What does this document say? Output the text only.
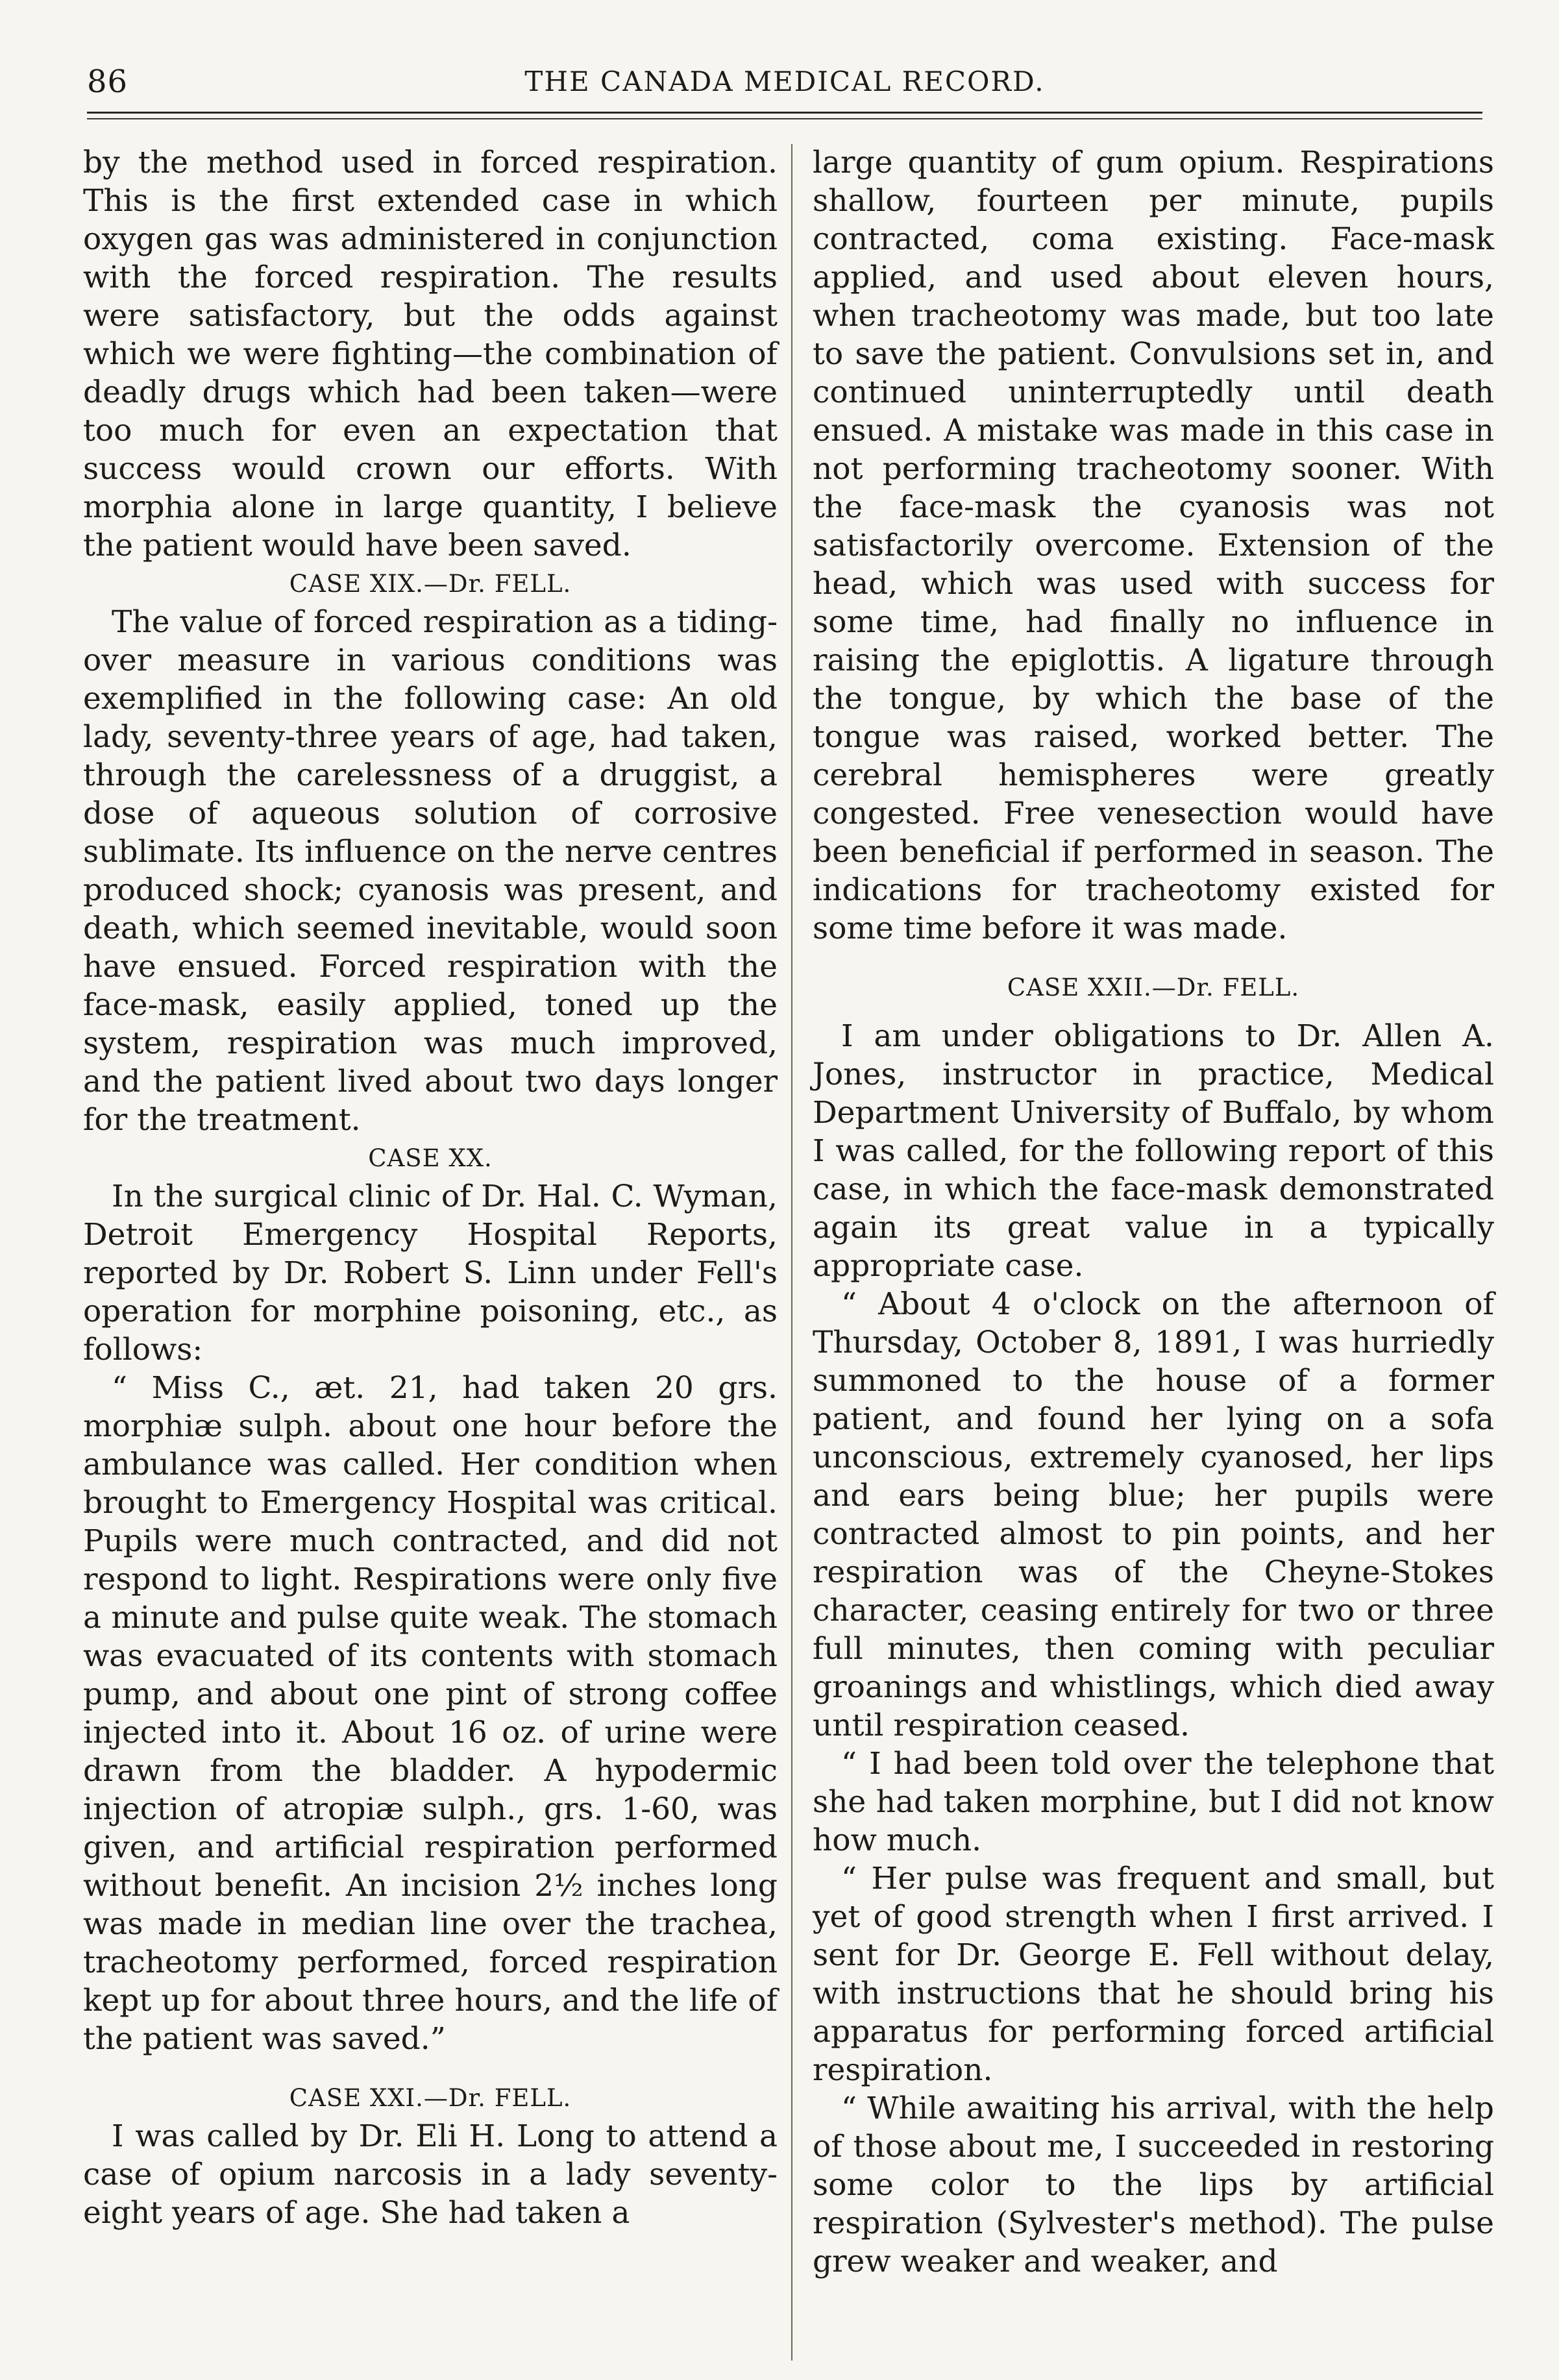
86	THE CANADA MEDICAL RECORD.

by the method used in forced respiration. This is the first extended case in which oxygen gas was administered in conjunction with the forced respiration. The results were satisfactory, but the odds against which we were fighting—the combination of deadly drugs which had been taken—were too much for even an expectation that success would crown our efforts. With morphia alone in large quantity, I believe the patient would have been saved.

CASE XIX.—Dr. FELL.

The value of forced respiration as a tiding-over measure in various conditions was exemplified in the following case: An old lady, seventy-three years of age, had taken, through the carelessness of a druggist, a dose of aqueous solution of corrosive sublimate. Its influence on the nerve centres produced shock; cyanosis was present, and death, which seemed inevitable, would soon have ensued. Forced respiration with the face-mask, easily applied, toned up the system, respiration was much improved, and the patient lived about two days longer for the treatment.

CASE XX.

In the surgical clinic of Dr. Hal. C. Wyman, Detroit Emergency Hospital Reports, reported by Dr. Robert S. Linn under Fell's operation for morphine poisoning, etc., as follows:

“ Miss C., æt. 21, had taken 20 grs. morphiæ sulph. about one hour before the ambulance was called. Her condition when brought to Emergency Hospital was critical. Pupils were much contracted, and did not respond to light. Respirations were only five a minute and pulse quite weak. The stomach was evacuated of its contents with stomach pump, and about one pint of strong coffee injected into it. About 16 oz. of urine were drawn from the bladder. A hypodermic injection of atropiæ sulph., grs. 1-60, was given, and artificial respiration performed without benefit. An incision 2½ inches long was made in median line over the trachea, tracheotomy performed, forced respiration kept up for about three hours, and the life of the patient was saved.”

CASE XXI.—Dr. FELL.

I was called by Dr. Eli H. Long to attend a case of opium narcosis in a lady seventy-eight years of age. She had taken a

large quantity of gum opium. Respirations shallow, fourteen per minute, pupils contracted, coma existing. Face-mask applied, and used about eleven hours, when tracheotomy was made, but too late to save the patient. Convulsions set in, and continued uninterruptedly until death ensued. A mistake was made in this case in not performing tracheotomy sooner. With the face-mask the cyanosis was not satisfactorily overcome. Extension of the head, which was used with success for some time, had finally no influence in raising the epiglottis. A ligature through the tongue, by which the base of the tongue was raised, worked better. The cerebral hemispheres were greatly congested. Free venesection would have been beneficial if performed in season. The indications for tracheotomy existed for some time before it was made.

CASE XXII.—Dr. FELL.

I am under obligations to Dr. Allen A. Jones, instructor in practice, Medical Department University of Buffalo, by whom I was called, for the following report of this case, in which the face-mask demonstrated again its great value in a typically appropriate case.

“ About 4 o'clock on the afternoon of Thursday, October 8, 1891, I was hurriedly summoned to the house of a former patient, and found her lying on a sofa unconscious, extremely cyanosed, her lips and ears being blue; her pupils were contracted almost to pin points, and her respiration was of the Cheyne-Stokes character, ceasing entirely for two or three full minutes, then coming with peculiar groanings and whistlings, which died away until respiration ceased.

“ I had been told over the telephone that she had taken morphine, but I did not know how much.

“ Her pulse was frequent and small, but yet of good strength when I first arrived. I sent for Dr. George E. Fell without delay, with instructions that he should bring his apparatus for performing forced artificial respiration.

“ While awaiting his arrival, with the help of those about me, I succeeded in restoring some color to the lips by artificial respiration (Sylvester's method). The pulse grew weaker and weaker, and
